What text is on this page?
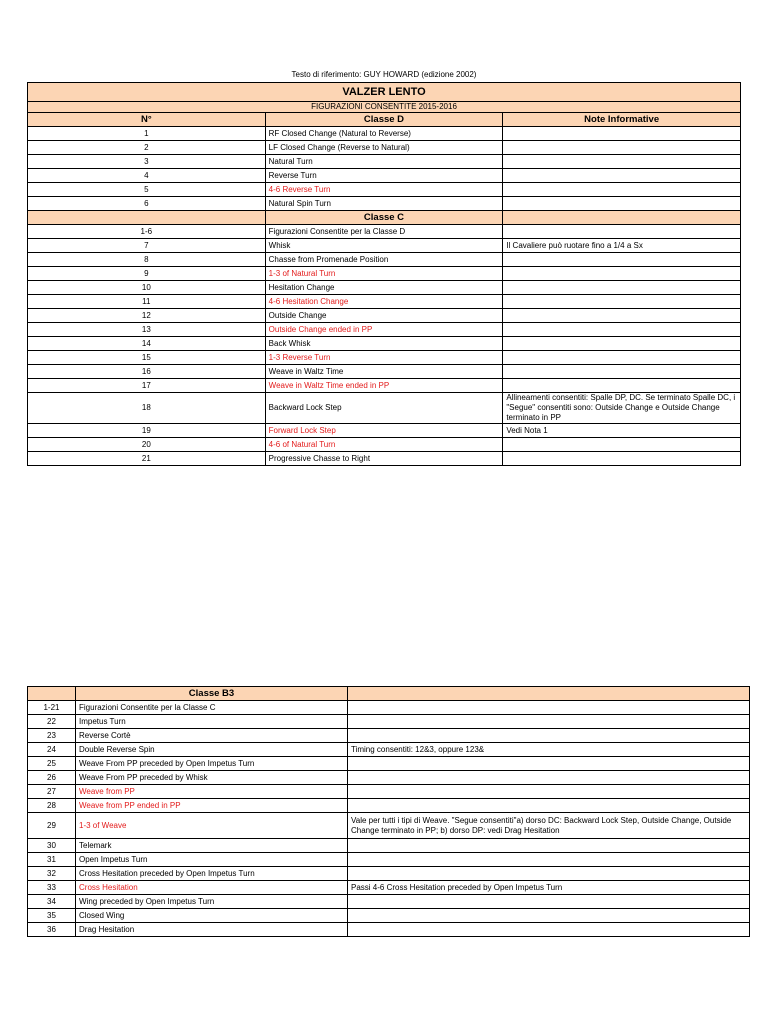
Testo di riferimento: GUY HOWARD (edizione 2002)
VALZER LENTO		
FIGURAZIONI CONSENTITE 2015-2016		
N°	Classe D	Note Informative
1	RF Closed Change (Natural to Reverse)	
2	LF Closed Change (Reverse to Natural)	
3	Natural Turn	
4	Reverse Turn	
5	4-6 Reverse Turn	
6	Natural Spin Turn	
	Classe C	
1-6	Figurazioni Consentite per la Classe D	
7	Whisk	Il Cavaliere può ruotare fino a 1/4 a Sx
8	Chasse from Promenade Position	
9	1-3 of Natural Turn	
10	Hesitation Change	
11	4-6 Hesitation Change	
12	Outside Change	
13	Outside Change ended in PP	
14	Back Whisk	
15	1-3 Reverse Turn	
16	Weave in Waltz Time	
17	Weave in Waltz Time ended in PP	
18	Backward Lock Step	Allineamenti consentiti: Spalle DP, DC. Se terminato Spalle DC, i "Segue" consentiti sono: Outside Change e Outside Change terminato in PP
19	Forward Lock Step	Vedi Nota 1
20	4-6 of Natural Turn	
21	Progressive Chasse to Right	
	Classe B3	
1-21	Figurazioni Consentite per la Classe C	
22	Impetus Turn	
23	Reverse Cortè	
24	Double Reverse Spin	Timing consentiti: 12&3, oppure 123&
25	Weave From PP preceded by Open Impetus Turn	
26	Weave From PP preceded by Whisk	
27	Weave from PP	
28	Weave from PP ended in PP	
29	1-3 of Weave	Vale per tutti i tipi di Weave. "Segue consentiti"a) dorso DC: Backward Lock Step, Outside Change, Outside Change terminato in PP; b) dorso DP: vedi Drag Hesitation
30	Telemark	
31	Open Impetus Turn	
32	Cross Hesitation preceded by Open Impetus Turn	
33	Cross Hesitation	Passi 4-6 Cross Hesitation preceded by Open Impetus Turn
34	Wing preceded by Open Impetus Turn	
35	Closed Wing	
36	Drag Hesitation	
